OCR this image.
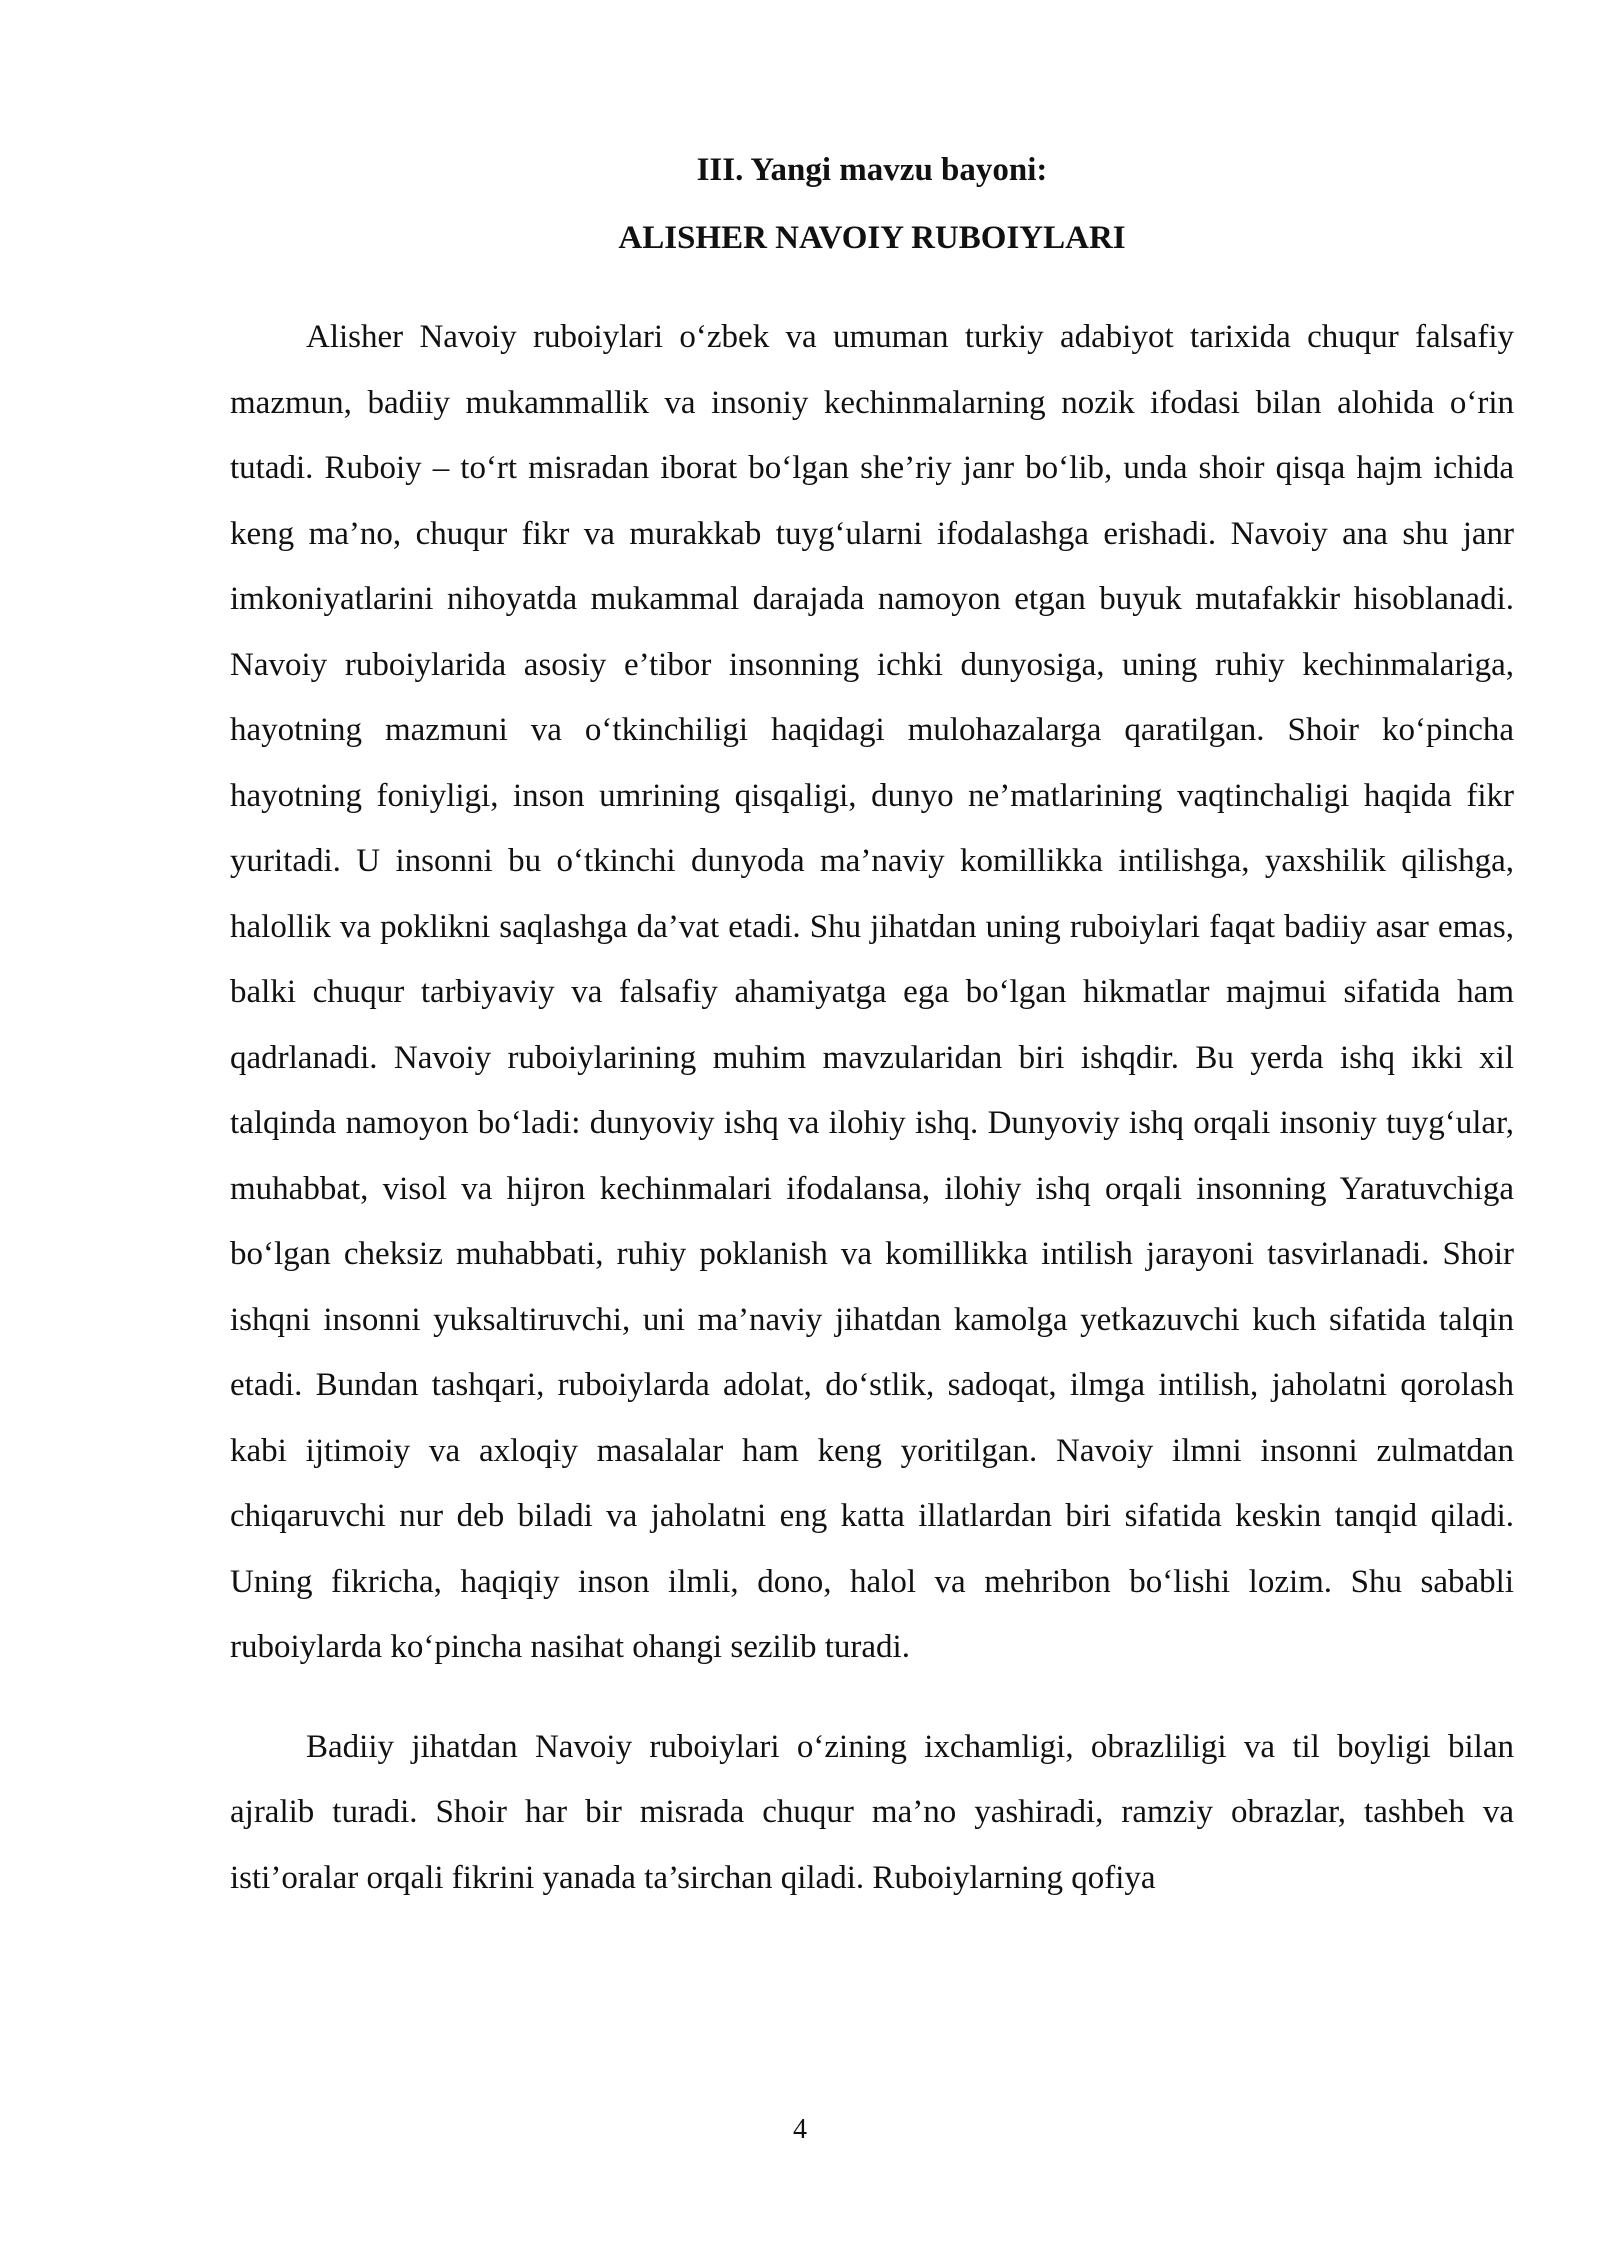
III. Yangi mavzu bayoni:
ALISHER NAVOIY RUBOIYLARI

Alisher Navoiy ruboiylari o‘zbek va umuman turkiy adabiyot tarixida chuqur falsafiy mazmun, badiiy mukammallik va insoniy kechinmalarning nozik ifodasi bilan alohida o‘rin tutadi. Ruboiy – to‘rt misradan iborat bo‘lgan she’riy janr bo‘lib, unda shoir qisqa hajm ichida keng ma’no, chuqur fikr va murakkab tuyg‘ularni ifodalashga erishadi. Navoiy ana shu janr imkoniyatlarini nihoyatda mukammal darajada namoyon etgan buyuk mutafakkir hisoblanadi. Navoiy ruboiylarida asosiy e’tibor insonning ichki dunyosiga, uning ruhiy kechinmalariga, hayotning mazmuni va o‘tkinchiligi haqidagi mulohazalarga qaratilgan. Shoir ko‘pincha hayotning foniyligi, inson umrining qisqaligi, dunyo ne’matlarining vaqtinchaligi haqida fikr yuritadi. U insonni bu o‘tkinchi dunyoda ma’naviy komillikka intilishga, yaxshilik qilishga, halollik va poklikni saqlashga da’vat etadi. Shu jihatdan uning ruboiylari faqat badiiy asar emas, balki chuqur tarbiyaviy va falsafiy ahamiyatga ega bo‘lgan hikmatlar majmui sifatida ham qadrlanadi. Navoiy ruboiylarining muhim mavzularidan biri ishqdir. Bu yerda ishq ikki xil talqinda namoyon bo‘ladi: dunyoviy ishq va ilohiy ishq. Dunyoviy ishq orqali insoniy tuyg‘ular, muhabbat, visol va hijron kechinmalari ifodalansa, ilohiy ishq orqali insonning Yaratuvchiga bo‘lgan cheksiz muhabbati, ruhiy poklanish va komillikka intilish jarayoni tasvirlanadi. Shoir ishqni insonni yuksaltiruvchi, uni ma’naviy jihatdan kamolga yetkazuvchi kuch sifatida talqin etadi. Bundan tashqari, ruboiylarda adolat, do‘stlik, sadoqat, ilmga intilish, jaholatni qorolash kabi ijtimoiy va axloqiy masalalar ham keng yoritilgan. Navoiy ilmni insonni zulmatdan chiqaruvchi nur deb biladi va jaholatni eng katta illatlardan biri sifatida keskin tanqid qiladi. Uning fikricha, haqiqiy inson ilmli, dono, halol va mehribon bo‘lishi lozim. Shu sababli ruboiylarda ko‘pincha nasihat ohangi sezilib turadi.

Badiiy jihatdan Navoiy ruboiylari o‘zining ixchamligi, obrazliligi va til boyligi bilan ajralib turadi. Shoir har bir misrada chuqur ma’no yashiradi, ramziy obrazlar, tashbeh va isti’oralar orqali fikrini yanada ta’sirchan qiladi. Ruboiylarning qofiya

4
